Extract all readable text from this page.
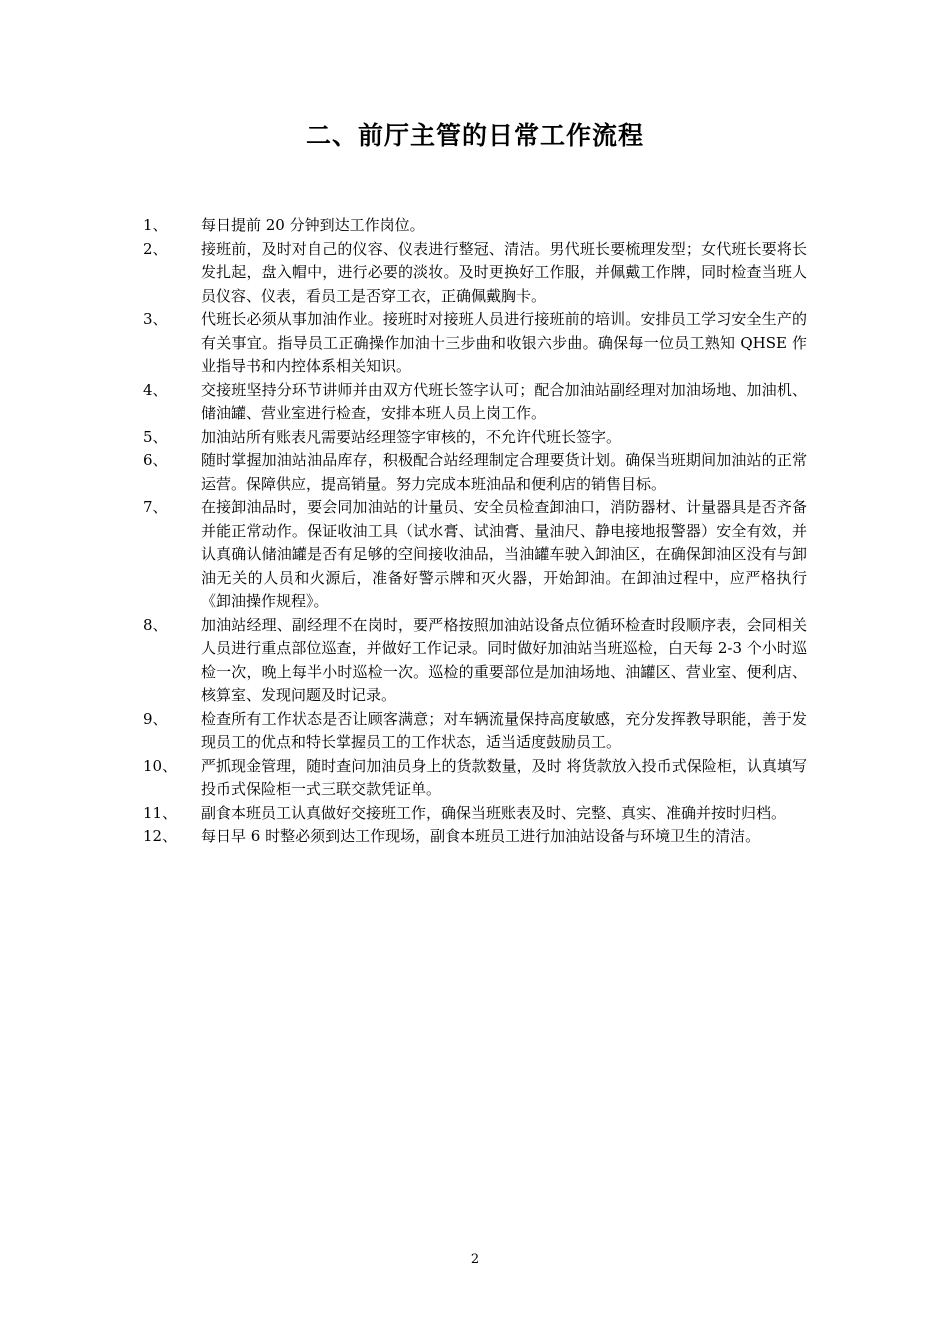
二、前厅主管的日常工作流程
1、	每日提前 20 分钟到达工作岗位。
2、	接班前，及时对自己的仪容、仪表进行整冠、清洁。男代班长要梳理发型；女代班长要将长发扎起，盘入帽中，进行必要的淡妆。及时更换好工作服，并佩戴工作牌，同时检查当班人员仪容、仪表，看员工是否穿工衣，正确佩戴胸卡。
3、	代班长必须从事加油作业。接班时对接班人员进行接班前的培训。安排员工学习安全生产的有关事宜。指导员工正确操作加油十三步曲和收银六步曲。确保每一位员工熟知 QHSE 作业指导书和内控体系相关知识。
4、	交接班坚持分环节讲师并由双方代班长签字认可；配合加油站副经理对加油场地、加油机、储油罐、营业室进行检查，安排本班人员上岗工作。
5、	加油站所有账表凡需要站经理签字审核的，不允许代班长签字。
6、	随时掌握加油站油品库存，积极配合站经理制定合理要货计划。确保当班期间加油站的正常运营。保障供应，提高销量。努力完成本班油品和便利店的销售目标。
7、	在接卸油品时，要会同加油站的计量员、安全员检查卸油口，消防器材、计量器具是否齐备并能正常动作。保证收油工具（试水膏、试油膏、量油尺、静电接地报警器）安全有效，并认真确认储油罐是否有足够的空间接收油品，当油罐车驶入卸油区，在确保卸油区没有与卸油无关的人员和火源后，准备好警示牌和灭火器，开始卸油。在卸油过程中，应严格执行《卸油操作规程》。
8、	加油站经理、副经理不在岗时，要严格按照加油站设备点位循环检查时段顺序表，会同相关人员进行重点部位巡查，并做好工作记录。同时做好加油站当班巡检，白天每 2-3 个小时巡检一次，晚上每半小时巡检一次。巡检的重要部位是加油场地、油罐区、营业室、便利店、核算室、发现问题及时记录。
9、	检查所有工作状态是否让顾客满意；对车辆流量保持高度敏感，充分发挥教导职能，善于发现员工的优点和特长掌握员工的工作状态，适当适度鼓励员工。
10、	严抓现金管理，随时查问加油员身上的货款数量，及时 将货款放入投币式保险柜，认真填写投币式保险柜一式三联交款凭证单。
11、	副食本班员工认真做好交接班工作，确保当班账表及时、完整、真实、准确并按时归档。
12、	每日早 6 时整必须到达工作现场，副食本班员工进行加油站设备与环境卫生的清洁。
2
